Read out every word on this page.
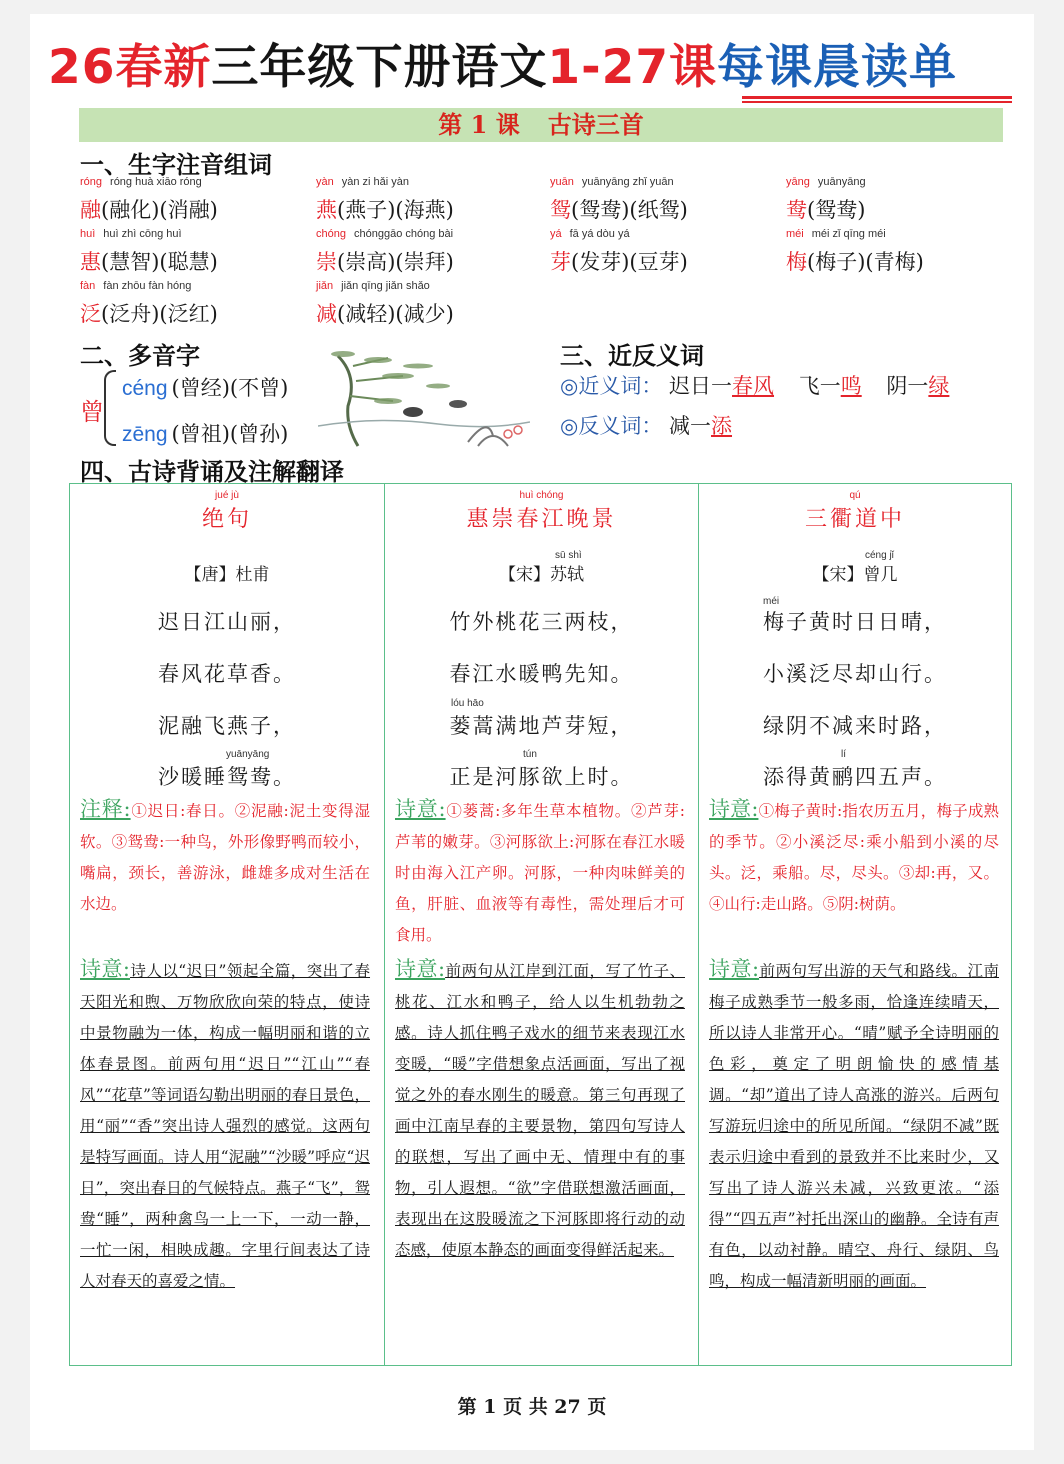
26春新三年级下册语文1-27课每课晨读单
第 1 课 古诗三首
一、生字注音组词
róng róng huà xiāo róng
融(融化)(消融)
yàn yàn zi hǎi yàn
燕(燕子)(海燕)
yuān yuānyāng zhǐ yuān
鸳(鸳鸯)(纸鸳)
yāng yuānyāng
鸯(鸳鸯)
huì huì zhì cōng huì
惠(慧智)(聪慧)
chóng chónggāo chóng bài
崇(崇高)(崇拜)
yá fā yá dòu yá
芽(发芽)(豆芽)
méi méi zǐ qīng méi
梅(梅子)(青梅)
fàn fàn zhōu fàn hóng
泛(泛舟)(泛红)
jiǎn jiǎn qīng jiǎn shǎo
减(减轻)(减少)
二、多音字
曾
céng (曾经)(不曾)
zēng (曾祖)(曾孙)
三、近反义词
◎近义词： 迟日一春风 飞一鸣 阴一绿
◎反义词： 减一添
四、古诗背诵及注解翻译
jué jù
绝句
【唐】杜甫
迟日江山丽，
春风花草香。
泥融飞燕子，
yuānyāng
沙暖睡鸳鸯。
注释:①迟日:春日。②泥融:泥土变得湿软。③鸳鸯:一种鸟，外形像野鸭而较小，嘴扁，颈长，善游泳，雌雄多成对生活在水边。
诗意:诗人以“迟日”领起全篇，突出了春天阳光和煦、万物欣欣向荣的特点，使诗中景物融为一体，构成一幅明丽和谐的立体春景图。前两句用“迟日”“江山”“春风”“花草”等词语勾勒出明丽的春日景色，用“丽”“香”突出诗人强烈的感觉。这两句是特写画面。诗人用“泥融”“沙暖”呼应“迟日”，突出春日的气候特点。燕子“飞”，鸳鸯“睡”，两种禽鸟一上一下，一动一静，一忙一闲，相映成趣。字里行间表达了诗人对春天的喜爱之情。
huì chóng
惠崇春江晚景
sū shì
【宋】苏轼
竹外桃花三两枝，
春江水暖鸭先知。
lóu hāo
蒌蒿满地芦芽短，
tún
正是河豚欲上时。
诗意:①蒌蒿:多年生草本植物。②芦芽:芦苇的嫩芽。③河豚欲上:河豚在春江水暖时由海入江产卵。河豚，一种肉味鲜美的鱼，肝脏、血液等有毒性，需处理后才可食用。
诗意:前两句从江岸到江面，写了竹子、桃花、江水和鸭子，给人以生机勃勃之感。诗人抓住鸭子戏水的细节来表现江水变暖，“暖”字借想象点活画面，写出了视觉之外的春水刚生的暖意。第三句再现了画中江南早春的主要景物，第四句写诗人的联想，写出了画中无、情理中有的事物，引人遐想。“欲”字借联想激活画面，表现出在这股暖流之下河豚即将行动的动态感，使原本静态的画面变得鲜活起来。
qú
三衢道中
céng jǐ
【宋】曾几
méi
梅子黄时日日晴，
小溪泛尽却山行。
绿阴不减来时路，
lí
添得黄鹂四五声。
诗意:①梅子黄时:指农历五月，梅子成熟的季节。②小溪泛尽:乘小船到小溪的尽头。泛，乘船。尽，尽头。③却:再，又。④山行:走山路。⑤阴:树荫。
诗意:前两句写出游的天气和路线。江南梅子成熟季节一般多雨，恰逢连续晴天，所以诗人非常开心。“晴”赋予全诗明丽的色彩，奠定了明朗愉快的感情基调。“却”道出了诗人高涨的游兴。后两句写游玩归途中的所见所闻。“绿阴不减”既表示归途中看到的景致并不比来时少，又写出了诗人游兴未减，兴致更浓。“添得”“四五声”衬托出深山的幽静。全诗有声有色，以动衬静。晴空、舟行、绿阴、鸟鸣，构成一幅清新明丽的画面。
第 1 页 共 27 页
